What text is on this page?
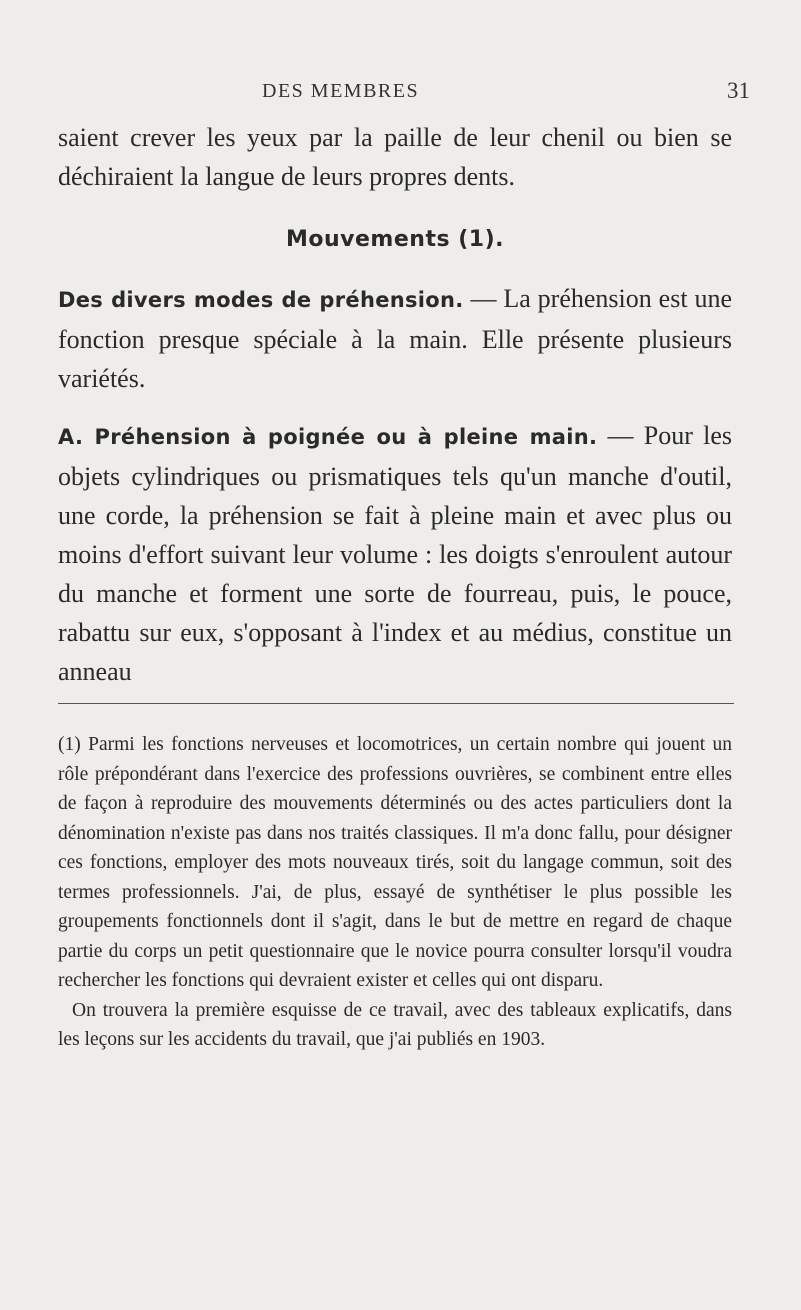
DES MEMBRES	31

saient crever les yeux par la paille de leur chenil ou bien se déchiraient la langue de leurs propres dents.

Mouvements (1).

Des divers modes de préhension. — La préhension est une fonction presque spéciale à la main. Elle présente plusieurs variétés.

A. Préhension à poignée ou à pleine main. — Pour les objets cylindriques ou prismatiques tels qu'un manche d'outil, une corde, la préhension se fait à pleine main et avec plus ou moins d'effort suivant leur volume : les doigts s'enroulent autour du manche et forment une sorte de fourreau, puis, le pouce, rabattu sur eux, s'opposant à l'index et au médius, constitue un anneau

(1) Parmi les fonctions nerveuses et locomotrices, un certain nombre qui jouent un rôle prépondérant dans l'exercice des professions ouvrières, se combinent entre elles de façon à reproduire des mouvements déterminés ou des actes particuliers dont la dénomination n'existe pas dans nos traités classiques. Il m'a donc fallu, pour désigner ces fonctions, employer des mots nouveaux tirés, soit du langage commun, soit des termes professionnels. J'ai, de plus, essayé de synthétiser le plus possible les groupements fonctionnels dont il s'agit, dans le but de mettre en regard de chaque partie du corps un petit questionnaire que le novice pourra consulter lorsqu'il voudra rechercher les fonctions qui devraient exister et celles qui ont disparu.

On trouvera la première esquisse de ce travail, avec des tableaux explicatifs, dans les leçons sur les accidents du travail, que j'ai publiés en 1903.
